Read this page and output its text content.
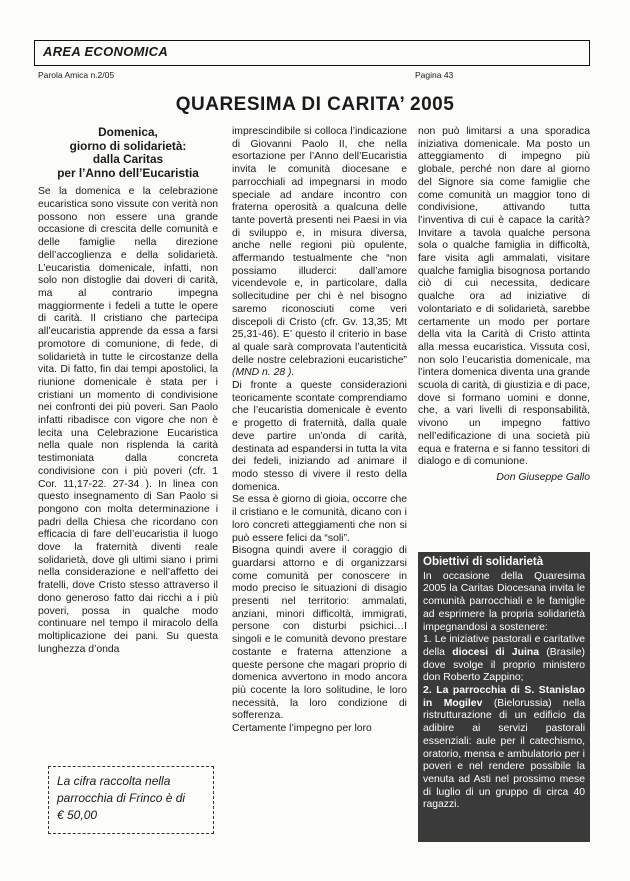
AREA ECONOMICA
Parola Amica n.2/05	Pagina 43
QUARESIMA DI CARITA’ 2005
Domenica,
giorno di solidarietà:
dalla Caritas
per l’Anno dell’Eucaristia

Se la domenica e la celebrazione eucaristica sono vissute con verità non possono non essere una grande occasione di crescita delle comunità e delle famiglie nella direzione dell’accoglienza e della solidarietà. L’eucaristia domenicale, infatti, non solo non distoglie dai doveri di carità, ma al contrario impegna maggiormente i fedeli a tutte le opere di carità. Il cristiano che partecipa all’eucaristia apprende da essa a farsi promotore di comunione, di fede, di solidarietà in tutte le circostanze della vita. Di fatto, fin dai tempi apostolici, la riunione domenicale è stata per i cristiani un momento di condivisione nei confronti dei più poveri. San Paolo infatti ribadisce con vigore che non è lecita una Celebrazione Eucaristica nella quale non risplenda la carità testimoniata dalla concreta condivisione con i più poveri (cfr. 1 Cor. 11,17-22. 27-34 ). In linea con questo insegnamento di San Paolo si pongono con molta determinazione i padri della Chiesa che ricordano con efficacia di fare dell’eucaristia il luogo dove la fraternità diventi reale solidarietà, dove gli ultimi siano i primi nella considerazione e nell’affetto dei fratelli, dove Cristo stesso attraverso il dono generoso fatto dai ricchi a i più poveri, possa in qualche modo continuare nel tempo il miracolo della moltiplicazione dei pani. Su questa lunghezza d’onda

imprescindibile si colloca l’indicazione di Giovanni Paolo II, che nella esortazione per l’Anno dell’Eucaristia invita le comunità diocesane e parrocchiali ad impegnarsi in modo speciale ad andare incontro con fraterna operosità a qualcuna delle tante povertà presenti nei Paesi in via di sviluppo e, in misura diversa, anche nelle regioni più opulente, affermando testualmente che “non possiamo illuderci: dall’amore vicendevole e, in particolare, dalla sollecitudine per chi è nel bisogno saremo riconosciuti come veri discepoli di Cristo (cfr. Gv. 13,35; Mt 25,31-46). E’ questo il criterio in base al quale sarà comprovata l’autenticità delle nostre celebrazioni eucaristiche” (MND n. 28 ).

Di fronte a queste considerazioni teoricamente scontate comprendiamo che l’eucaristia domenicale è evento e progetto di fraternità, dalla quale deve partire un’onda di carità, destinata ad espandersi in tutta la vita dei fedeli, iniziando ad animare il modo stesso di vivere il resto della domenica.

Se essa è giorno di gioia, occorre che il cristiano e le comunità, dicano con i loro concreti atteggiamenti che non si può essere felici da “soli”.

Bisogna quindi avere il coraggio di guardarsi attorno e di organizzarsi come comunità per conoscere in modo preciso le situazioni di disagio presenti nel territorio: ammalati, anziani, minori difficoltà, immigrati, persone con disturbi psichici…I singoli e le comunità devono prestare costante e fraterna attenzione a queste persone che magari proprio di domenica avvertono in modo ancora più cocente la loro solitudine, le loro necessità, la loro condizione di sofferenza.

Certamente l’impegno per loro

non può limitarsi a una sporadica iniziativa domenicale. Ma posto un atteggiamento di impegno più globale, perché non dare al giorno del Signore sia come famiglie che come comunità un maggior tono di condivisione, attivando tutta l’inventiva di cui è capace la carità? Invitare a tavola qualche persona sola o qualche famiglia in difficoltà, fare visita agli ammalati, visitare qualche famiglia bisognosa portando ciò di cui necessita, dedicare qualche ora ad iniziative di volontariato e di solidarietà, sarebbe certamente un modo per portare della vita la Carità di Cristo attinta alla messa eucaristica. Vissuta così, non solo l’eucaristia domenicale, ma l’intera domenica diventa una grande scuola di carità, di giustizia e di pace, dove si formano uomini e donne, che, a vari livelli di responsabilità, vivono un impegno fattivo nell’edificazione di una società più equa e fraterna e si fanno tessitori di dialogo e di comunione.

Don Giuseppe Gallo
Obiettivi di solidarietà

In occasione della Quaresima 2005 la Caritas Diocesana invita le comunità parrocchiali e le famiglie ad esprimere la propria solidarietà impegnandosi a sostenere:

1. Le iniziative pastorali e caritative della diocesi di Juina (Brasile) dove svolge il proprio ministero don Roberto Zappino;

2. La parrocchia di S. Stanislao in Mogilev (Bielorussia) nella ristrutturazione di un edificio da adibire ai servizi pastorali essenziali: aule per il catechismo, oratorio, mensa e ambulatorio per i poveri e nel rendere possibile la venuta ad Asti nel prossimo mese di luglio di un gruppo di circa 40 ragazzi.

La cifra raccolta nella parrocchia di Frinco è di
€ 50,00
